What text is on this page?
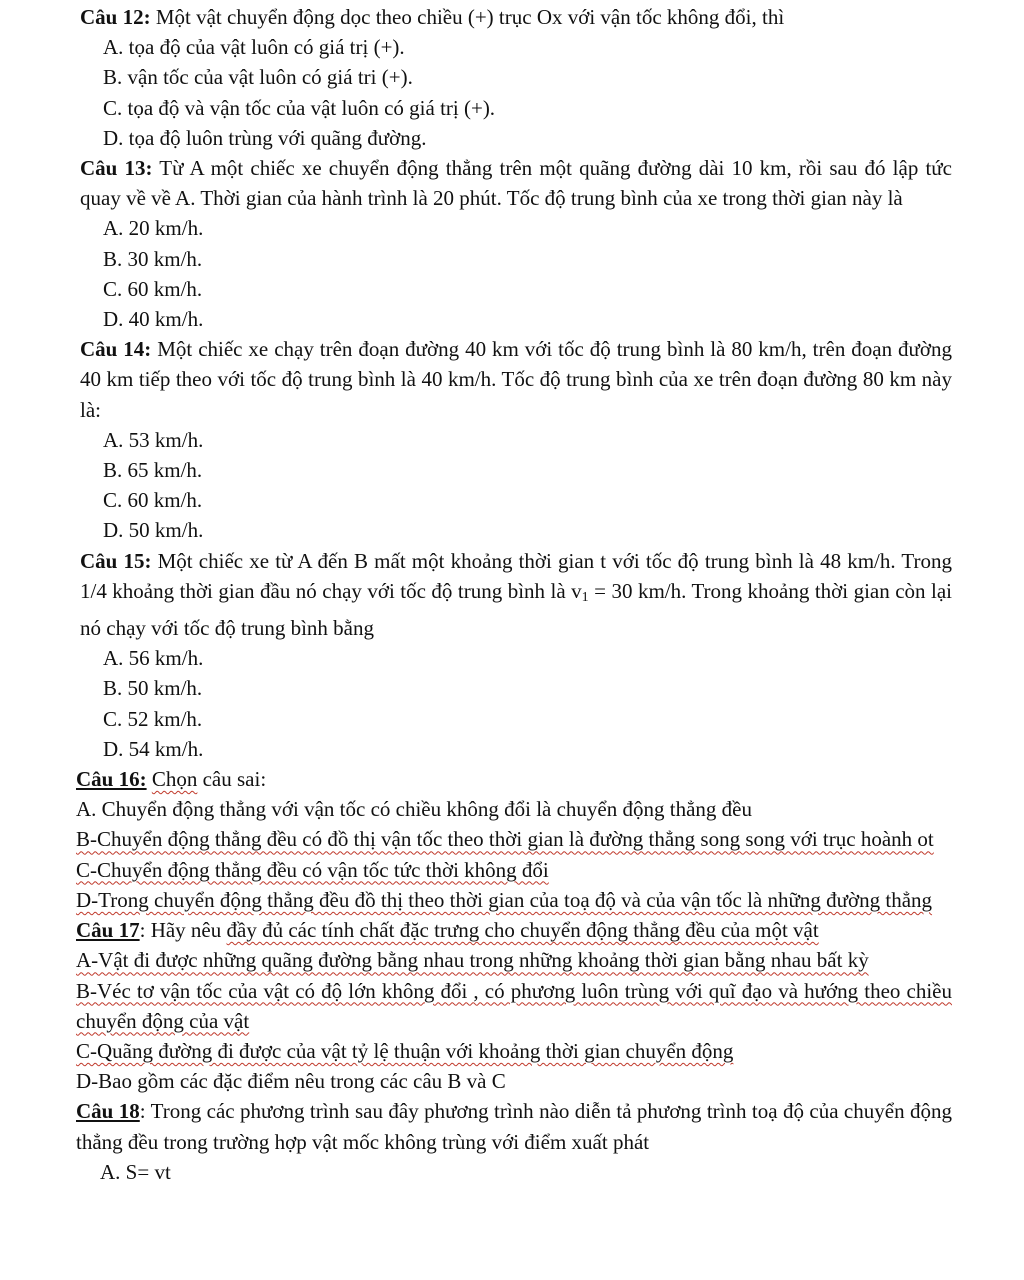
Câu 12: Một vật chuyển động dọc theo chiều (+) trục Ox với vận tốc không đổi, thì
A. tọa độ của vật luôn có giá trị (+).
B. vận tốc của vật luôn có giá tri (+).
C. tọa độ và vận tốc của vật luôn có giá trị (+).
D. tọa độ luôn trùng với quãng đường.
Câu 13: Từ A một chiếc xe chuyển động thẳng trên một quãng đường dài 10 km, rồi sau đó lập tức quay về về A. Thời gian của hành trình là 20 phút. Tốc độ trung bình của xe trong thời gian này là
A. 20 km/h.
B. 30 km/h.
C. 60 km/h.
D. 40 km/h.
Câu 14: Một chiếc xe chạy trên đoạn đường 40 km với tốc độ trung bình là 80 km/h, trên đoạn đường 40 km tiếp theo với tốc độ trung bình là 40 km/h. Tốc độ trung bình của xe trên đoạn đường 80 km này là:
A. 53 km/h.
B. 65 km/h.
C. 60 km/h.
D. 50 km/h.
Câu 15: Một chiếc xe từ A đến B mất một khoảng thời gian t với tốc độ trung bình là 48 km/h. Trong 1/4 khoảng thời gian đầu nó chạy với tốc độ trung bình là $v_1 = 30$ km/h. Trong khoảng thời gian còn lại nó chạy với tốc độ trung bình bằng
A. 56 km/h.
B. 50 km/h.
C. 52 km/h.
D. 54 km/h.
Câu 16: Chọn câu sai:
A. Chuyển động thẳng với vận tốc có chiều không đổi là chuyển động thẳng đều
B-Chuyển động thẳng đều có đồ thị vận tốc theo thời gian là đường thẳng song song với trục hoành ot
C-Chuyển động thẳng đều có vận tốc tức thời không đổi
D-Trong chuyển động thẳng đều đồ thị theo thời gian của toạ độ và của vận tốc là những đường thẳng
Câu 17: Hãy nêu đầy đủ các tính chất đặc trưng cho chuyển động thẳng đều của một vật
A-Vật đi được những quãng đường bằng nhau trong những khoảng thời gian bằng nhau bất kỳ
B-Véc tơ vận tốc của vật có độ lớn không đổi , có phương luôn trùng với quĩ đạo và hướng theo chiều chuyển động của vật
C-Quãng đường đi được của vật tỷ lệ thuận với khoảng thời gian chuyển động
D-Bao gồm các đặc điểm nêu trong các câu B và C
Câu 18: Trong các phương trình sau đây phương trình nào diễn tả phương trình toạ độ của chuyển động thẳng đều trong trường hợp vật mốc không trùng với điểm xuất phát
A. S= vt
